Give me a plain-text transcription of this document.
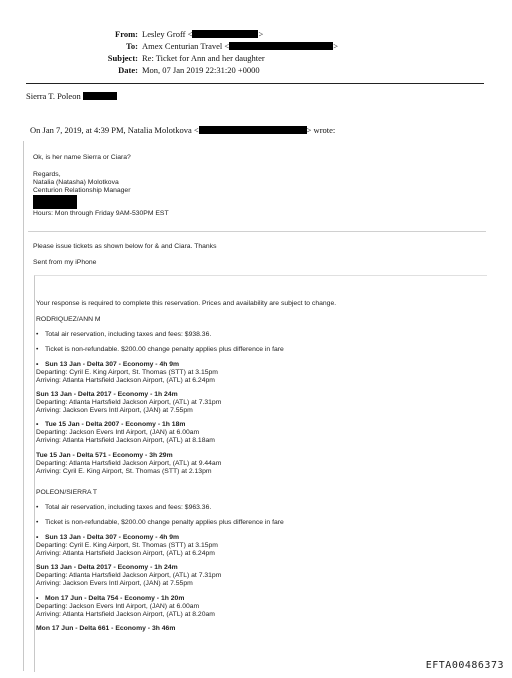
From: Lesley Groff <	>
To: Amex Centurian Travel <	>
Subject: Re: Ticket for Ann and her daughter
Date: Mon, 07 Jan 2019 22:31:20 +0000
Sierra T. Poleon
On Jan 7, 2019, at 4:39 PM, Natalia Molotkova <	> wrote:
Ok, is her name Sierra or Ciara?
Regards,
Natalia (Natasha) Molotkova
Centurion Relationship Manager
Hours: Mon through Friday 9AM-530PM EST
Please issue tickets as shown below for & and Ciara. Thanks
Sent from my iPhone
Your response is required to complete this reservation. Prices and availability are subject to change.
RODRIQUEZ/ANN M
• Total air reservation, including taxes and fees: $938.36.
• Ticket is non-refundable. $200.00 change penalty applies plus difference in fare
• Sun 13 Jan - Delta 307 - Economy - 4h 9m
Departing: Cyril E. King Airport, St. Thomas (STT) at 3.15pm
Arriving: Atlanta Hartsfield Jackson Airport, (ATL) at 6.24pm
Sun 13 Jan - Delta 2017 - Economy - 1h 24m
Departing: Atlanta Hartsfield Jackson Airport, (ATL) at 7.31pm
Arriving: Jackson Evers Intl Airport, (JAN) at 7.55pm
• Tue 15 Jan - Delta 2007 - Economy - 1h 18m
Departing: Jackson Evers Intl Airport, (JAN) at 6.00am
Arriving: Atlanta Hartsfield Jackson Airport, (ATL) at 8.18am
Tue 15 Jan - Delta 571 - Economy - 3h 29m
Departing: Atlanta Hartsfield Jackson Airport, (ATL) at 9.44am
Arriving: Cyril E. King Airport, St. Thomas (STT) at 2.13pm
POLEON/SIERRA T
• Total air reservation, including taxes and fees: $963.36.
• Ticket is non-refundable, $200.00 change penalty applies plus difference in fare
• Sun 13 Jan - Delta 307 - Economy - 4h 9m
Departing: Cyril E. King Airport, St. Thomas (STT) at 3.15pm
Arriving: Atlanta Hartsfield Jackson Airport, (ATL) at 6.24pm
Sun 13 Jan - Delta 2017 - Economy - 1h 24m
Departing: Atlanta Hartsfield Jackson Airport, (ATL) at 7.31pm
Arriving: Jackson Evers Intl Airport, (JAN) at 7.55pm
• Mon 17 Jun - Delta 754 - Economy - 1h 20m
Departing: Jackson Evers Intl Airport, (JAN) at 6.00am
Arriving: Atlanta Hartsfield Jackson Airport, (ATL) at 8.20am
Mon 17 Jun - Delta 661 - Economy - 3h 46m
EFTA00486373
